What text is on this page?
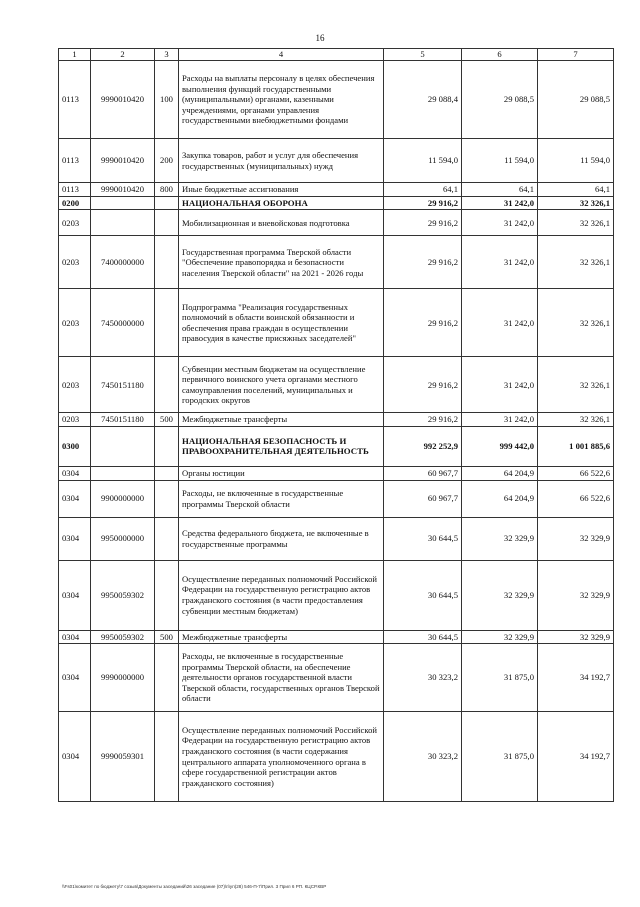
16
1	2	3	4	5	6	7
0113	9990010420	100	Расходы на выплаты персоналу в целях обеспечения выполнения функций государственными (муниципальными) органами, казенными учреждениями, органами управления государственными внебюджетными фондами	29 088,4	29 088,5	29 088,5
0113	9990010420	200	Закупка товаров, работ и услуг для обеспечения государственных (муниципальных) нужд	11 594,0	11 594,0	11 594,0
0113	9990010420	800	Иные бюджетные ассигнования	64,1	64,1	64,1
0200			НАЦИОНАЛЬНАЯ ОБОРОНА	29 916,2	31 242,0	32 326,1
0203			Мобилизационная и вневойсковая подготовка	29 916,2	31 242,0	32 326,1
0203	7400000000		Государственная программа Тверской области "Обеспечение правопорядка и безопасности населения Тверской области" на 2021 - 2026 годы	29 916,2	31 242,0	32 326,1
0203	7450000000		Подпрограмма "Реализация государственных полномочий в области воинской обязанности и обеспечения права граждан в осуществлении правосудия в качестве присяжных заседателей"	29 916,2	31 242,0	32 326,1
0203	7450151180		Субвенции местным бюджетам на осуществление первичного воинского учета органами местного самоуправления поселений, муниципальных и городских округов	29 916,2	31 242,0	32 326,1
0203	7450151180	500	Межбюджетные трансферты	29 916,2	31 242,0	32 326,1
0300			НАЦИОНАЛЬНАЯ БЕЗОПАСНОСТЬ И ПРАВООХРАНИТЕЛЬНАЯ ДЕЯТЕЛЬНОСТЬ	992 252,9	999 442,0	1 001 885,6
0304			Органы юстиции	60 967,7	64 204,9	66 522,6
0304	9900000000		Расходы, не включенные в государственные программы Тверской области	60 967,7	64 204,9	66 522,6
0304	9950000000		Средства федерального бюджета, не включенные в государственные программы	30 644,5	32 329,9	32 329,9
0304	9950059302		Осуществление переданных полномочий Российской Федерации на государственную регистрацию актов гражданского состояния (в части предоставления субвенции местным бюджетам)	30 644,5	32 329,9	32 329,9
0304	9950059302	500	Межбюджетные трансферты	30 644,5	32 329,9	32 329,9
0304	9990000000		Расходы, не включенные в государственные программы Тверской области, на обеспечение деятельности органов государственной власти Тверской области, государственных органов Тверской области	30 323,2	31 875,0	34 192,7
0304	9990059301		Осуществление переданных полномочий Российской Федерации на государственную регистрацию актов гражданского состояния (в части содержания центрального аппарата уполномоченного органа в сфере государственной регистрации актов гражданского состояния)	30 323,2	31 875,0	34 192,7
\\Fs01\комитет по бюджету\7 созыв\Документы заседаний\26 заседание (07)\п\уп(28) 546-П-7\Прил. 3 Прил 6 РП. КЦСР.КВР
